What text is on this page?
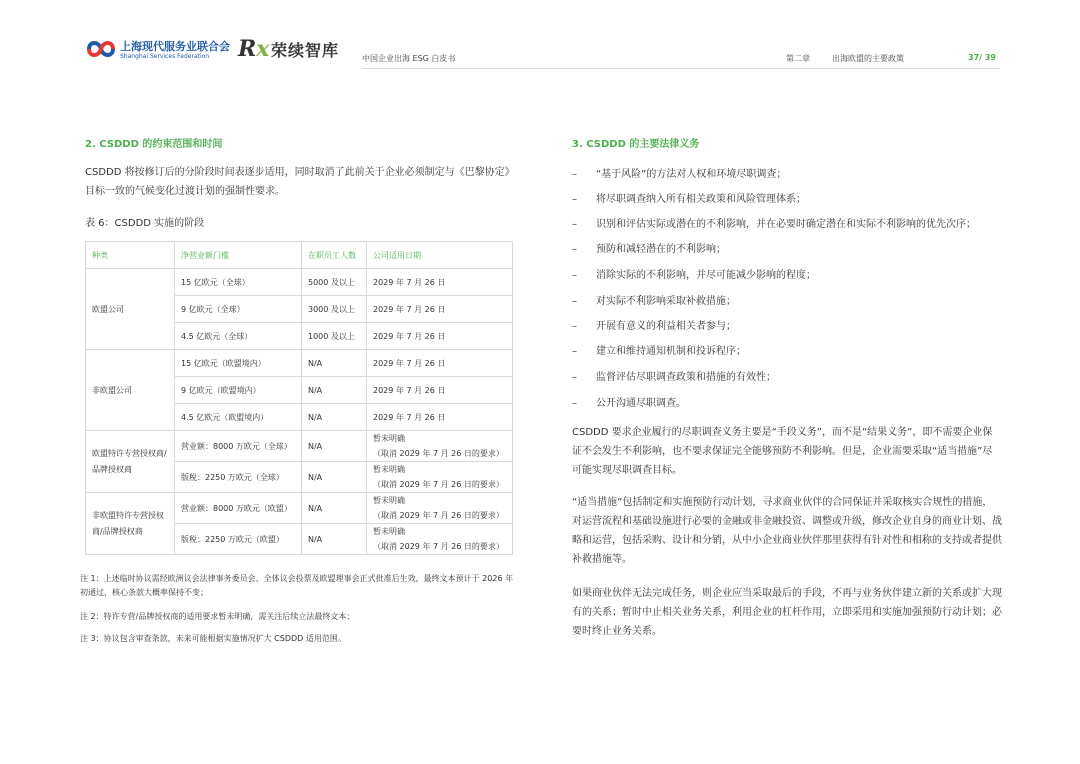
上海现代服务业联合会
Shanghai Services Federation Rx 荣续智库	中国企业出海 ESG 白皮书	第二章	出海欧盟的主要政策	37/ 39
2. CSDDD 的约束范围和时间
CSDDD 将按修订后的分阶段时间表逐步适用，同时取消了此前关于企业必须制定与《巴黎协定》目标一致的气候变化过渡计划的强制性要求。
表 6：CSDDD 实施的阶段
种类	净营业额门槛	在职员工人数	公司适用日期
欧盟公司	15 亿欧元（全球）	5000 及以上	2029 年 7 月 26 日
	9 亿欧元（全球）	3000 及以上	2029 年 7 月 26 日
	4.5 亿欧元（全球）	1000 及以上	2029 年 7 月 26 日
非欧盟公司	15 亿欧元（欧盟境内）	N/A	2029 年 7 月 26 日
	9 亿欧元（欧盟境内）	N/A	2029 年 7 月 26 日
	4.5 亿欧元（欧盟境内）	N/A	2029 年 7 月 26 日
欧盟特许专营授权商/品牌授权商	营业额：8000 万欧元（全球）	N/A	暂未明确
（取消 2029 年 7 月 26 日的要求）
	版税：2250 万欧元（全球）	N/A	暂未明确
（取消 2029 年 7 月 26 日的要求）
非欧盟特许专营授权商/品牌授权商	营业额：8000 万欧元（欧盟）	N/A	暂未明确
（取消 2029 年 7 月 26 日的要求）
	版税：2250 万欧元（欧盟）	N/A	暂未明确
（取消 2029 年 7 月 26 日的要求）
注 1：上述临时协议需经欧洲议会法律事务委员会、全体议会投票及欧盟理事会正式批准后生效，最终文本预计于 2026 年初通过，核心条款大概率保持不变；
注 2：特许专营/品牌授权商的适用要求暂未明确，需关注后续立法最终文本；
注 3：协议包含审查条款，未来可能根据实施情况扩大 CSDDD 适用范围。
3. CSDDD 的主要法律义务
– “基于风险”的方法对人权和环境尽职调查；
– 将尽职调查纳入所有相关政策和风险管理体系；
– 识别和评估实际或潜在的不利影响，并在必要时确定潜在和实际不利影响的优先次序；
– 预防和减轻潜在的不利影响；
– 消除实际的不利影响，并尽可能减少影响的程度；
– 对实际不利影响采取补救措施；
– 开展有意义的利益相关者参与；
– 建立和维持通知机制和投诉程序；
– 监督评估尽职调查政策和措施的有效性；
– 公开沟通尽职调查。
CSDDD 要求企业履行的尽职调查义务主要是“手段义务”，而不是“结果义务”，即不需要企业保证不会发生不利影响，也不要求保证完全能够预防不利影响。但是，企业需要采取“适当措施”尽可能实现尽职调查目标。
“适当措施”包括制定和实施预防行动计划，寻求商业伙伴的合同保证并采取核实合规性的措施，对运营流程和基础设施进行必要的金融或非金融投资、调整或升级，修改企业自身的商业计划、战略和运营，包括采购、设计和分销，从中小企业商业伙伴那里获得有针对性和相称的支持或者提供补救措施等。
如果商业伙伴无法完成任务，则企业应当采取最后的手段，不再与业务伙伴建立新的关系或扩大现有的关系；暂时中止相关业务关系，利用企业的杠杆作用，立即采用和实施加强预防行动计划；必要时终止业务关系。
